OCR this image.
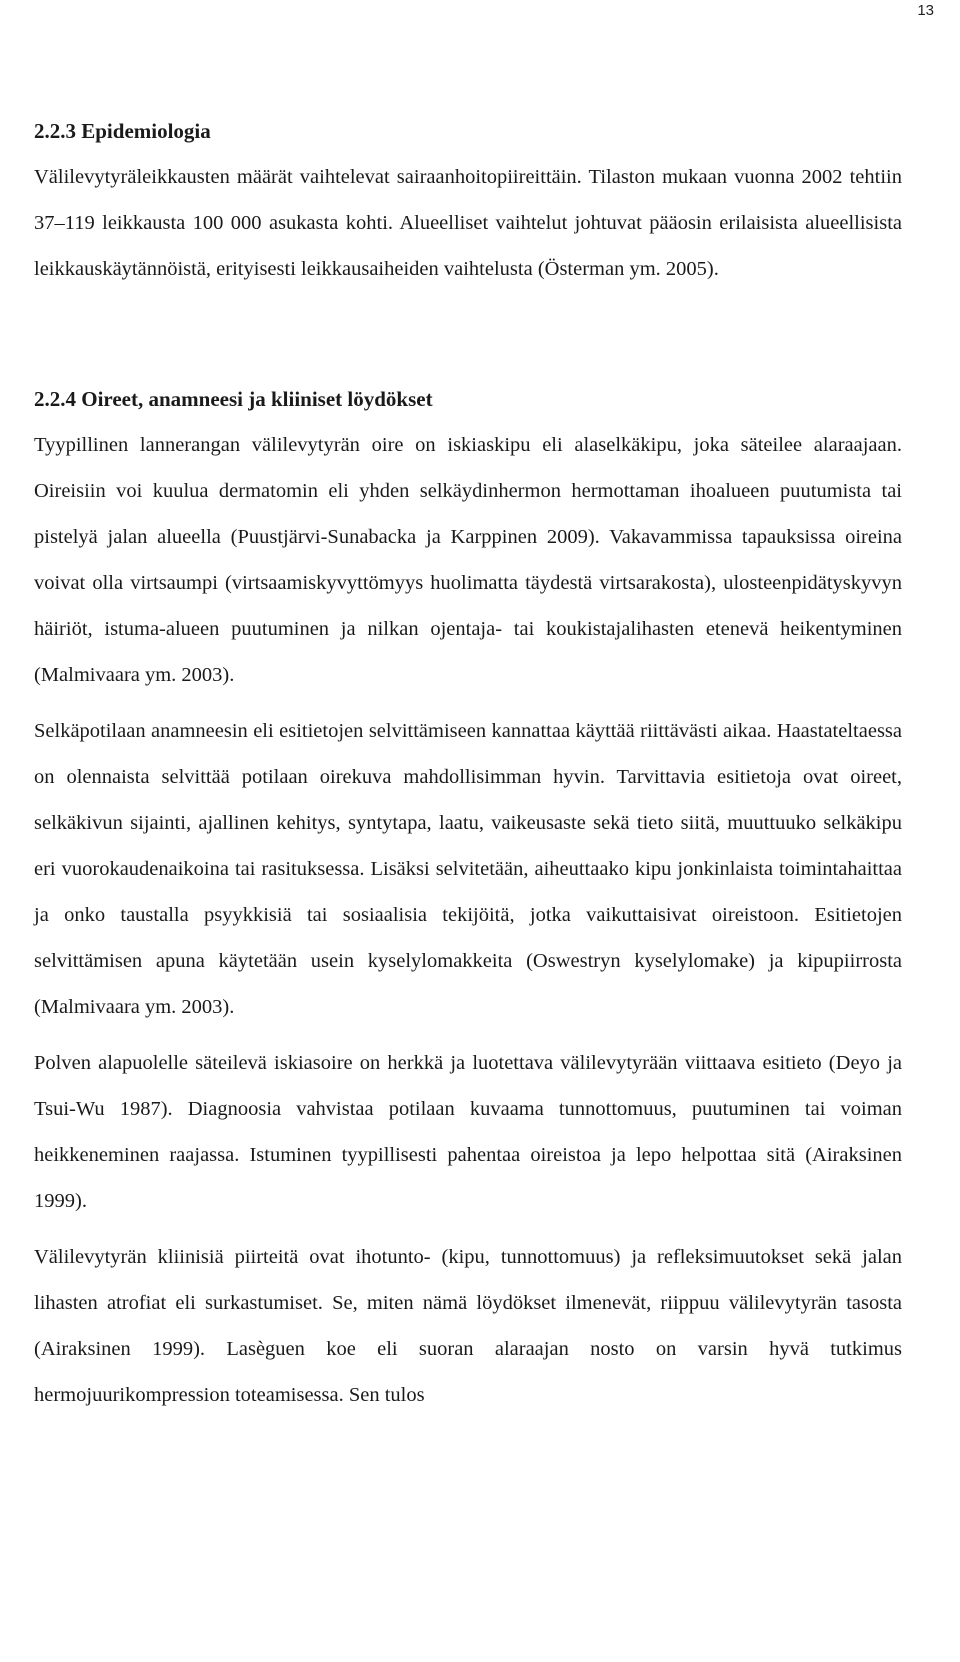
13
2.2.3 Epidemiologia

Välilevytyräleikkausten määrät vaihtelevat sairaanhoitopiireittäin. Tilaston mukaan vuonna 2002 tehtiin 37–119 leikkausta 100 000 asukasta kohti. Alueelliset vaihtelut johtuvat pääosin erilaisista alueellisista leikkauskäytännöistä, erityisesti leikkausaiheiden vaihtelusta (Österman ym. 2005).

2.2.4 Oireet, anamneesi ja kliiniset löydökset

Tyypillinen lannerangan välilevytyrän oire on iskiaskipu eli alaselkäkipu, joka säteilee alaraajaan. Oireisiin voi kuulua dermatomin eli yhden selkäydinhermon hermottaman ihoalueen puutumista tai pistelyä jalan alueella (Puustjärvi-Sunabacka ja Karppinen 2009). Vakavammissa tapauksissa oireina voivat olla virtsaumpi (virtsaamiskyvyttömyys huolimatta täydestä virtsarakosta), ulosteenpidätyskyvyn häiriöt, istuma-alueen puutuminen ja nilkan ojentaja- tai koukistajalihasten etenevä heikentyminen (Malmivaara ym. 2003).

Selkäpotilaan anamneesin eli esitietojen selvittämiseen kannattaa käyttää riittävästi aikaa. Haastateltaessa on olennaista selvittää potilaan oirekuva mahdollisimman hyvin. Tarvittavia esitietoja ovat oireet, selkäkivun sijainti, ajallinen kehitys, syntytapa, laatu, vaikeusaste sekä tieto siitä, muuttuuko selkäkipu eri vuorokaudenaikoina tai rasituksessa. Lisäksi selvitetään, aiheuttaako kipu jonkinlaista toimintahaittaa ja onko taustalla psyykkisiä tai sosiaalisia tekijöitä, jotka vaikuttaisivat oireistoon. Esitietojen selvittämisen apuna käytetään usein kyselylomakkeita (Oswestryn kyselylomake) ja kipupiirrosta (Malmivaara ym. 2003).

Polven alapuolelle säteilevä iskiasoire on herkkä ja luotettava välilevytyrään viittaava esitieto (Deyo ja Tsui-Wu 1987). Diagnoosia vahvistaa potilaan kuvaama tunnottomuus, puutuminen tai voiman heikkeneminen raajassa. Istuminen tyypillisesti pahentaa oireistoa ja lepo helpottaa sitä (Airaksinen 1999).

Välilevytyrän kliinisiä piirteitä ovat ihotunto- (kipu, tunnottomuus) ja refleksimuutokset sekä jalan lihasten atrofiat eli surkastumiset. Se, miten nämä löydökset ilmenevät, riippuu välilevytyrän tasosta (Airaksinen 1999). Lasèguen koe eli suoran alaraajan nosto on varsin hyvä tutkimus hermojuurikompression toteamisessa. Sen tulos
